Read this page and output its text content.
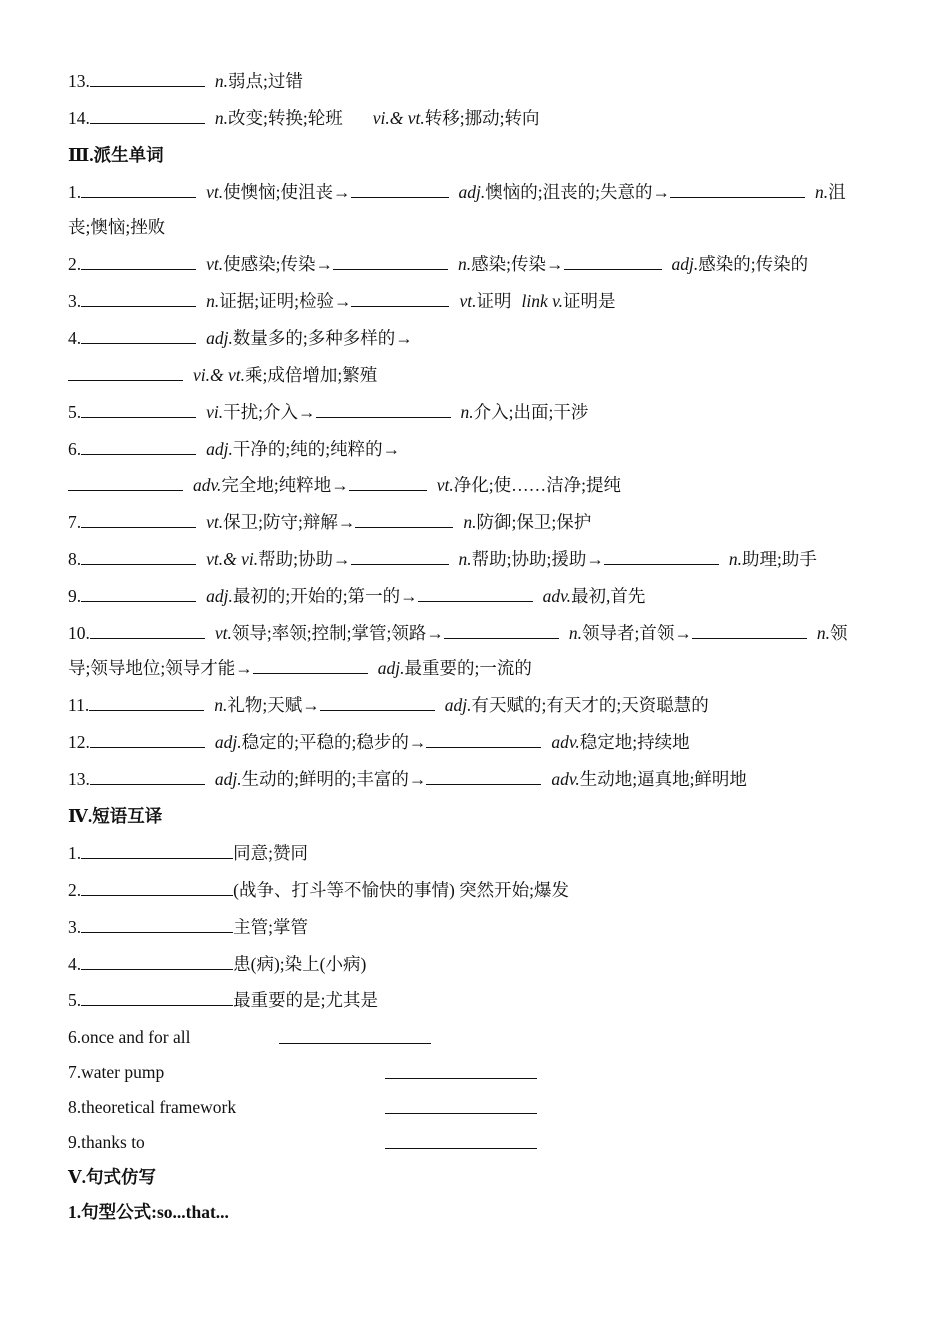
13.	n.弱点;过错
14.	n.改变;转换;轮班 vi.& vt.转移;挪动;转向
Ⅲ.派生单词
1.	vt.使懊恼;使沮丧→	adj.懊恼的;沮丧的;失意的→	n.沮
丧;懊恼;挫败
2.	vt.使感染;传染→	n.感染;传染→	adj.感染的;传染的
3.	n.证据;证明;检验→	vt.证明 link v.证明是
4.	adj.数量多的;多种多样的→
vi.& vt.乘;成倍增加;繁殖
5.	vi.干扰;介入→	n.介入;出面;干涉
6.	adj.干净的;纯的;纯粹的→
adv.完全地;纯粹地→	vt.净化;使……洁净;提纯
7.	vt.保卫;防守;辩解→	n.防御;保卫;保护
8.	vt.& vi.帮助;协助→	n.帮助;协助;援助→	n.助理;助手
9.	adj.最初的;开始的;第一的→	adv.最初,首先
10.	vt.领导;率领;控制;掌管;领路→	n.领导者;首领→	n.领
导;领导地位;领导才能→	adj.最重要的;一流的
11.	n.礼物;天赋→	adj.有天赋的;有天才的;天资聪慧的
12.	adj.稳定的;平稳的;稳步的→	adv.稳定地;持续地
13.	adj.生动的;鲜明的;丰富的→	adv.生动地;逼真地;鲜明地
Ⅳ.短语互译
1.	同意;赞同
2.	(战争、打斗等不愉快的事情) 突然开始;爆发
3.	主管;掌管
4.	患(病);染上(小病)
5.	最重要的是;尤其是
6.once and for all
7.water pump
8.theoretical framework
9.thanks to
Ⅴ.句式仿写
1.句型公式:so...that...
